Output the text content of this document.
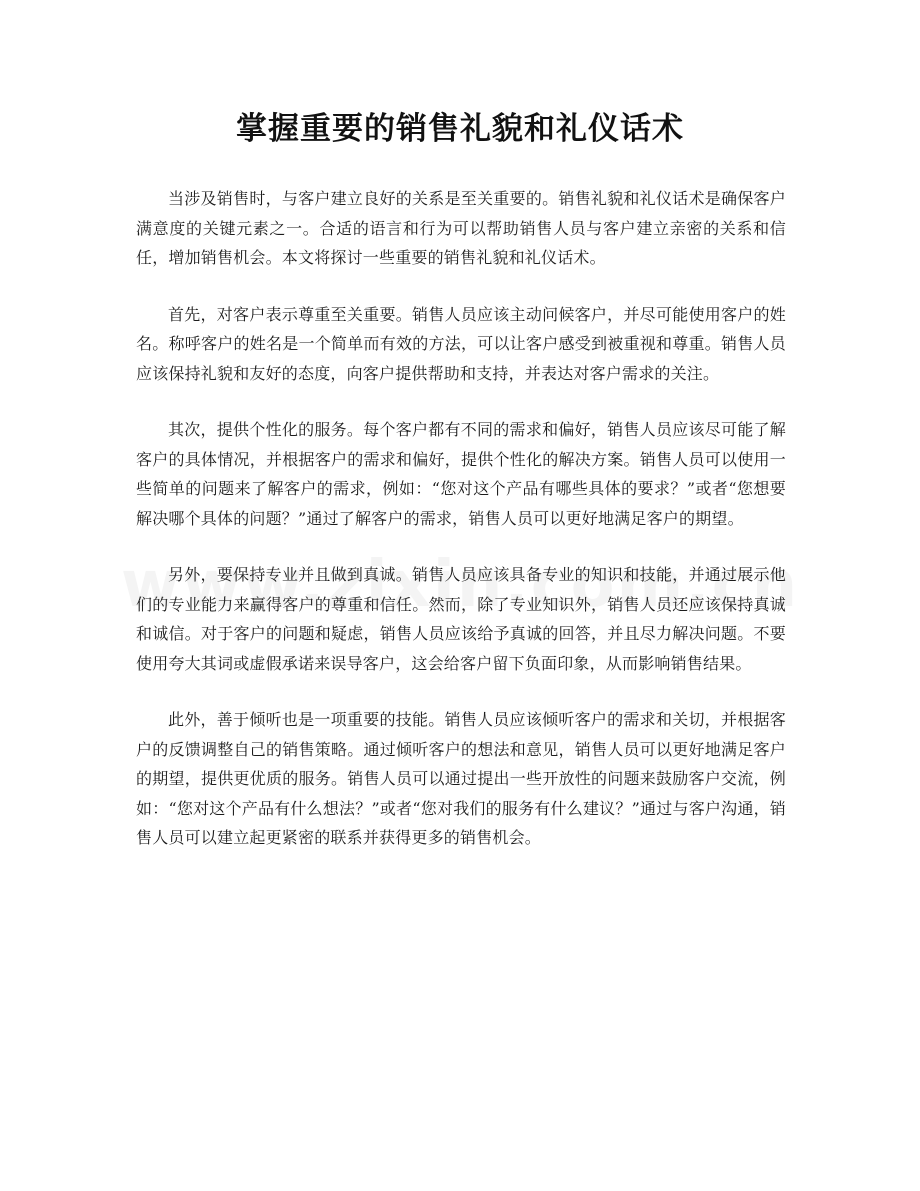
掌握重要的销售礼貌和礼仪话术

当涉及销售时，与客户建立良好的关系是至关重要的。销售礼貌和礼仪话术是确保客户满意度的关键元素之一。合适的语言和行为可以帮助销售人员与客户建立亲密的关系和信任，增加销售机会。本文将探讨一些重要的销售礼貌和礼仪话术。

首先，对客户表示尊重至关重要。销售人员应该主动问候客户，并尽可能使用客户的姓名。称呼客户的姓名是一个简单而有效的方法，可以让客户感受到被重视和尊重。销售人员应该保持礼貌和友好的态度，向客户提供帮助和支持，并表达对客户需求的关注。

其次，提供个性化的服务。每个客户都有不同的需求和偏好，销售人员应该尽可能了解客户的具体情况，并根据客户的需求和偏好，提供个性化的解决方案。销售人员可以使用一些简单的问题来了解客户的需求，例如：“您对这个产品有哪些具体的要求？”或者“您想要解决哪个具体的问题？”通过了解客户的需求，销售人员可以更好地满足客户的期望。

另外，要保持专业并且做到真诚。销售人员应该具备专业的知识和技能，并通过展示他们的专业能力来赢得客户的尊重和信任。然而，除了专业知识外，销售人员还应该保持真诚和诚信。对于客户的问题和疑虑，销售人员应该给予真诚的回答，并且尽力解决问题。不要使用夸大其词或虚假承诺来误导客户，这会给客户留下负面印象，从而影响销售结果。

此外，善于倾听也是一项重要的技能。销售人员应该倾听客户的需求和关切，并根据客户的反馈调整自己的销售策略。通过倾听客户的想法和意见，销售人员可以更好地满足客户的期望，提供更优质的服务。销售人员可以通过提出一些开放性的问题来鼓励客户交流，例如：“您对这个产品有什么想法？”或者“您对我们的服务有什么建议？”通过与客户沟通，销售人员可以建立起更紧密的联系并获得更多的销售机会。
